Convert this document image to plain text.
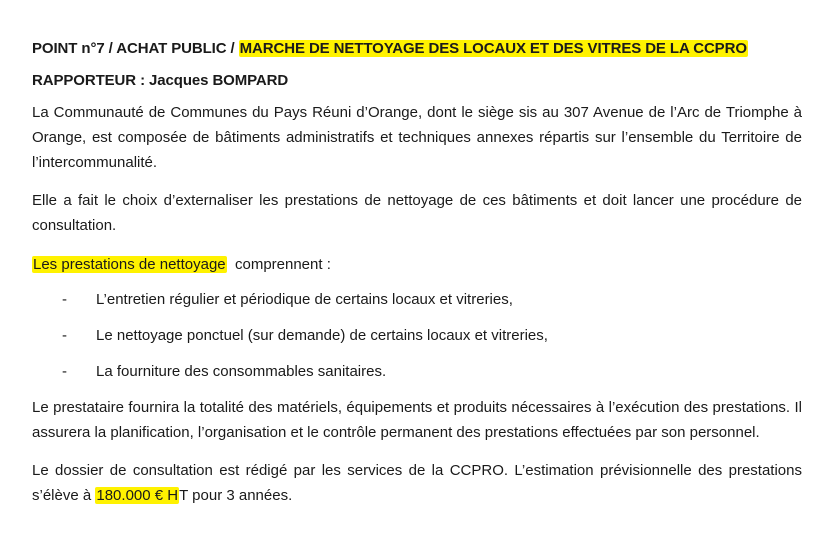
POINT n°7 / ACHAT PUBLIC / MARCHE DE NETTOYAGE DES LOCAUX ET DES VITRES DE LA CCPRO
RAPPORTEUR : Jacques BOMPARD

La Communauté de Communes du Pays Réuni d’Orange, dont le siège sis au 307 Avenue de l’Arc de Triomphe à Orange, est composée de bâtiments administratifs et techniques annexes répartis sur l’ensemble du Territoire de l’intercommunalité.

Elle a fait le choix d’externaliser les prestations de nettoyage de ces bâtiments et doit lancer une procédure de consultation.

Les prestations de nettoyage  comprennent :

- L’entretien régulier et périodique de certains locaux et vitreries,
- Le nettoyage ponctuel (sur demande) de certains locaux et vitreries,
- La fourniture des consommables sanitaires.

Le prestataire fournira la totalité des matériels, équipements et produits nécessaires à l’exécution des prestations. Il assurera la planification, l’organisation et le contrôle permanent des prestations effectuées par son personnel.

Le dossier de consultation est rédigé par les services de la CCPRO. L’estimation prévisionnelle des prestations s’élève à 180.000 € HT pour 3 années.
